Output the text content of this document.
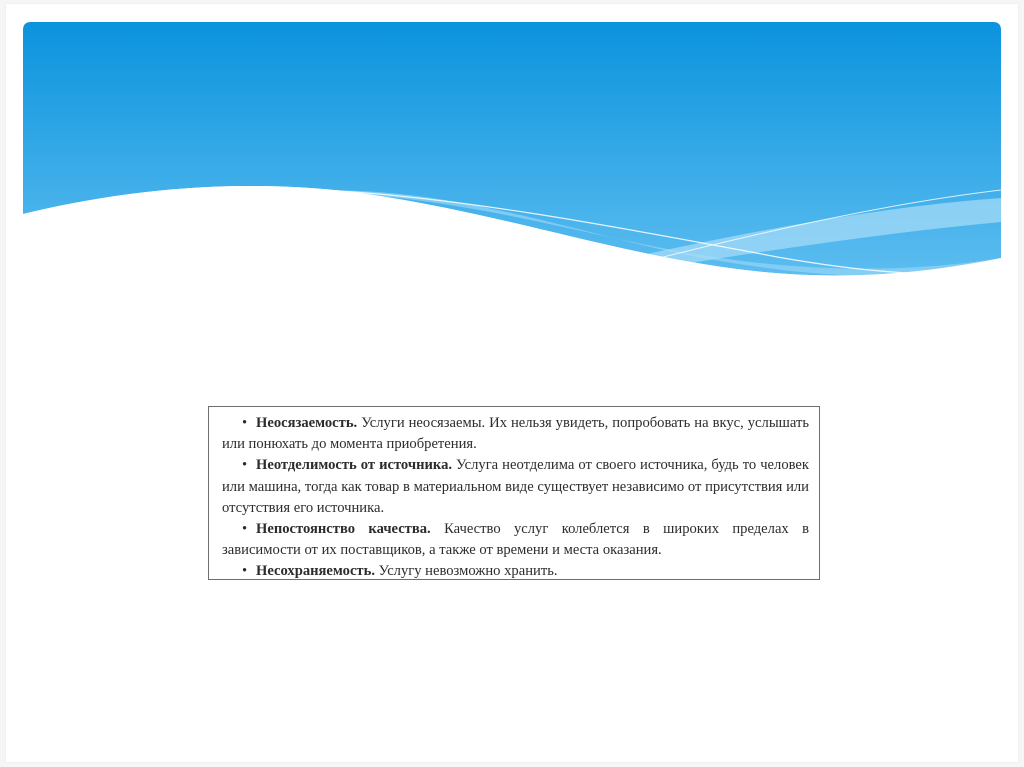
• Неосязаемость. Услуги неосязаемы. Их нельзя увидеть, попробовать на вкус, услышать или понюхать до момента приобретения.

• Неотделимость от источника. Услуга неотделима от своего источника, будь то человек или машина, тогда как товар в материальном виде существует независимо от присутствия или отсутствия его источника.

• Непостоянство качества. Качество услуг колеблется в широких пределах в зависимости от их поставщиков, а также от времени и места оказания.

• Несохраняемость. Услугу невозможно хранить.
